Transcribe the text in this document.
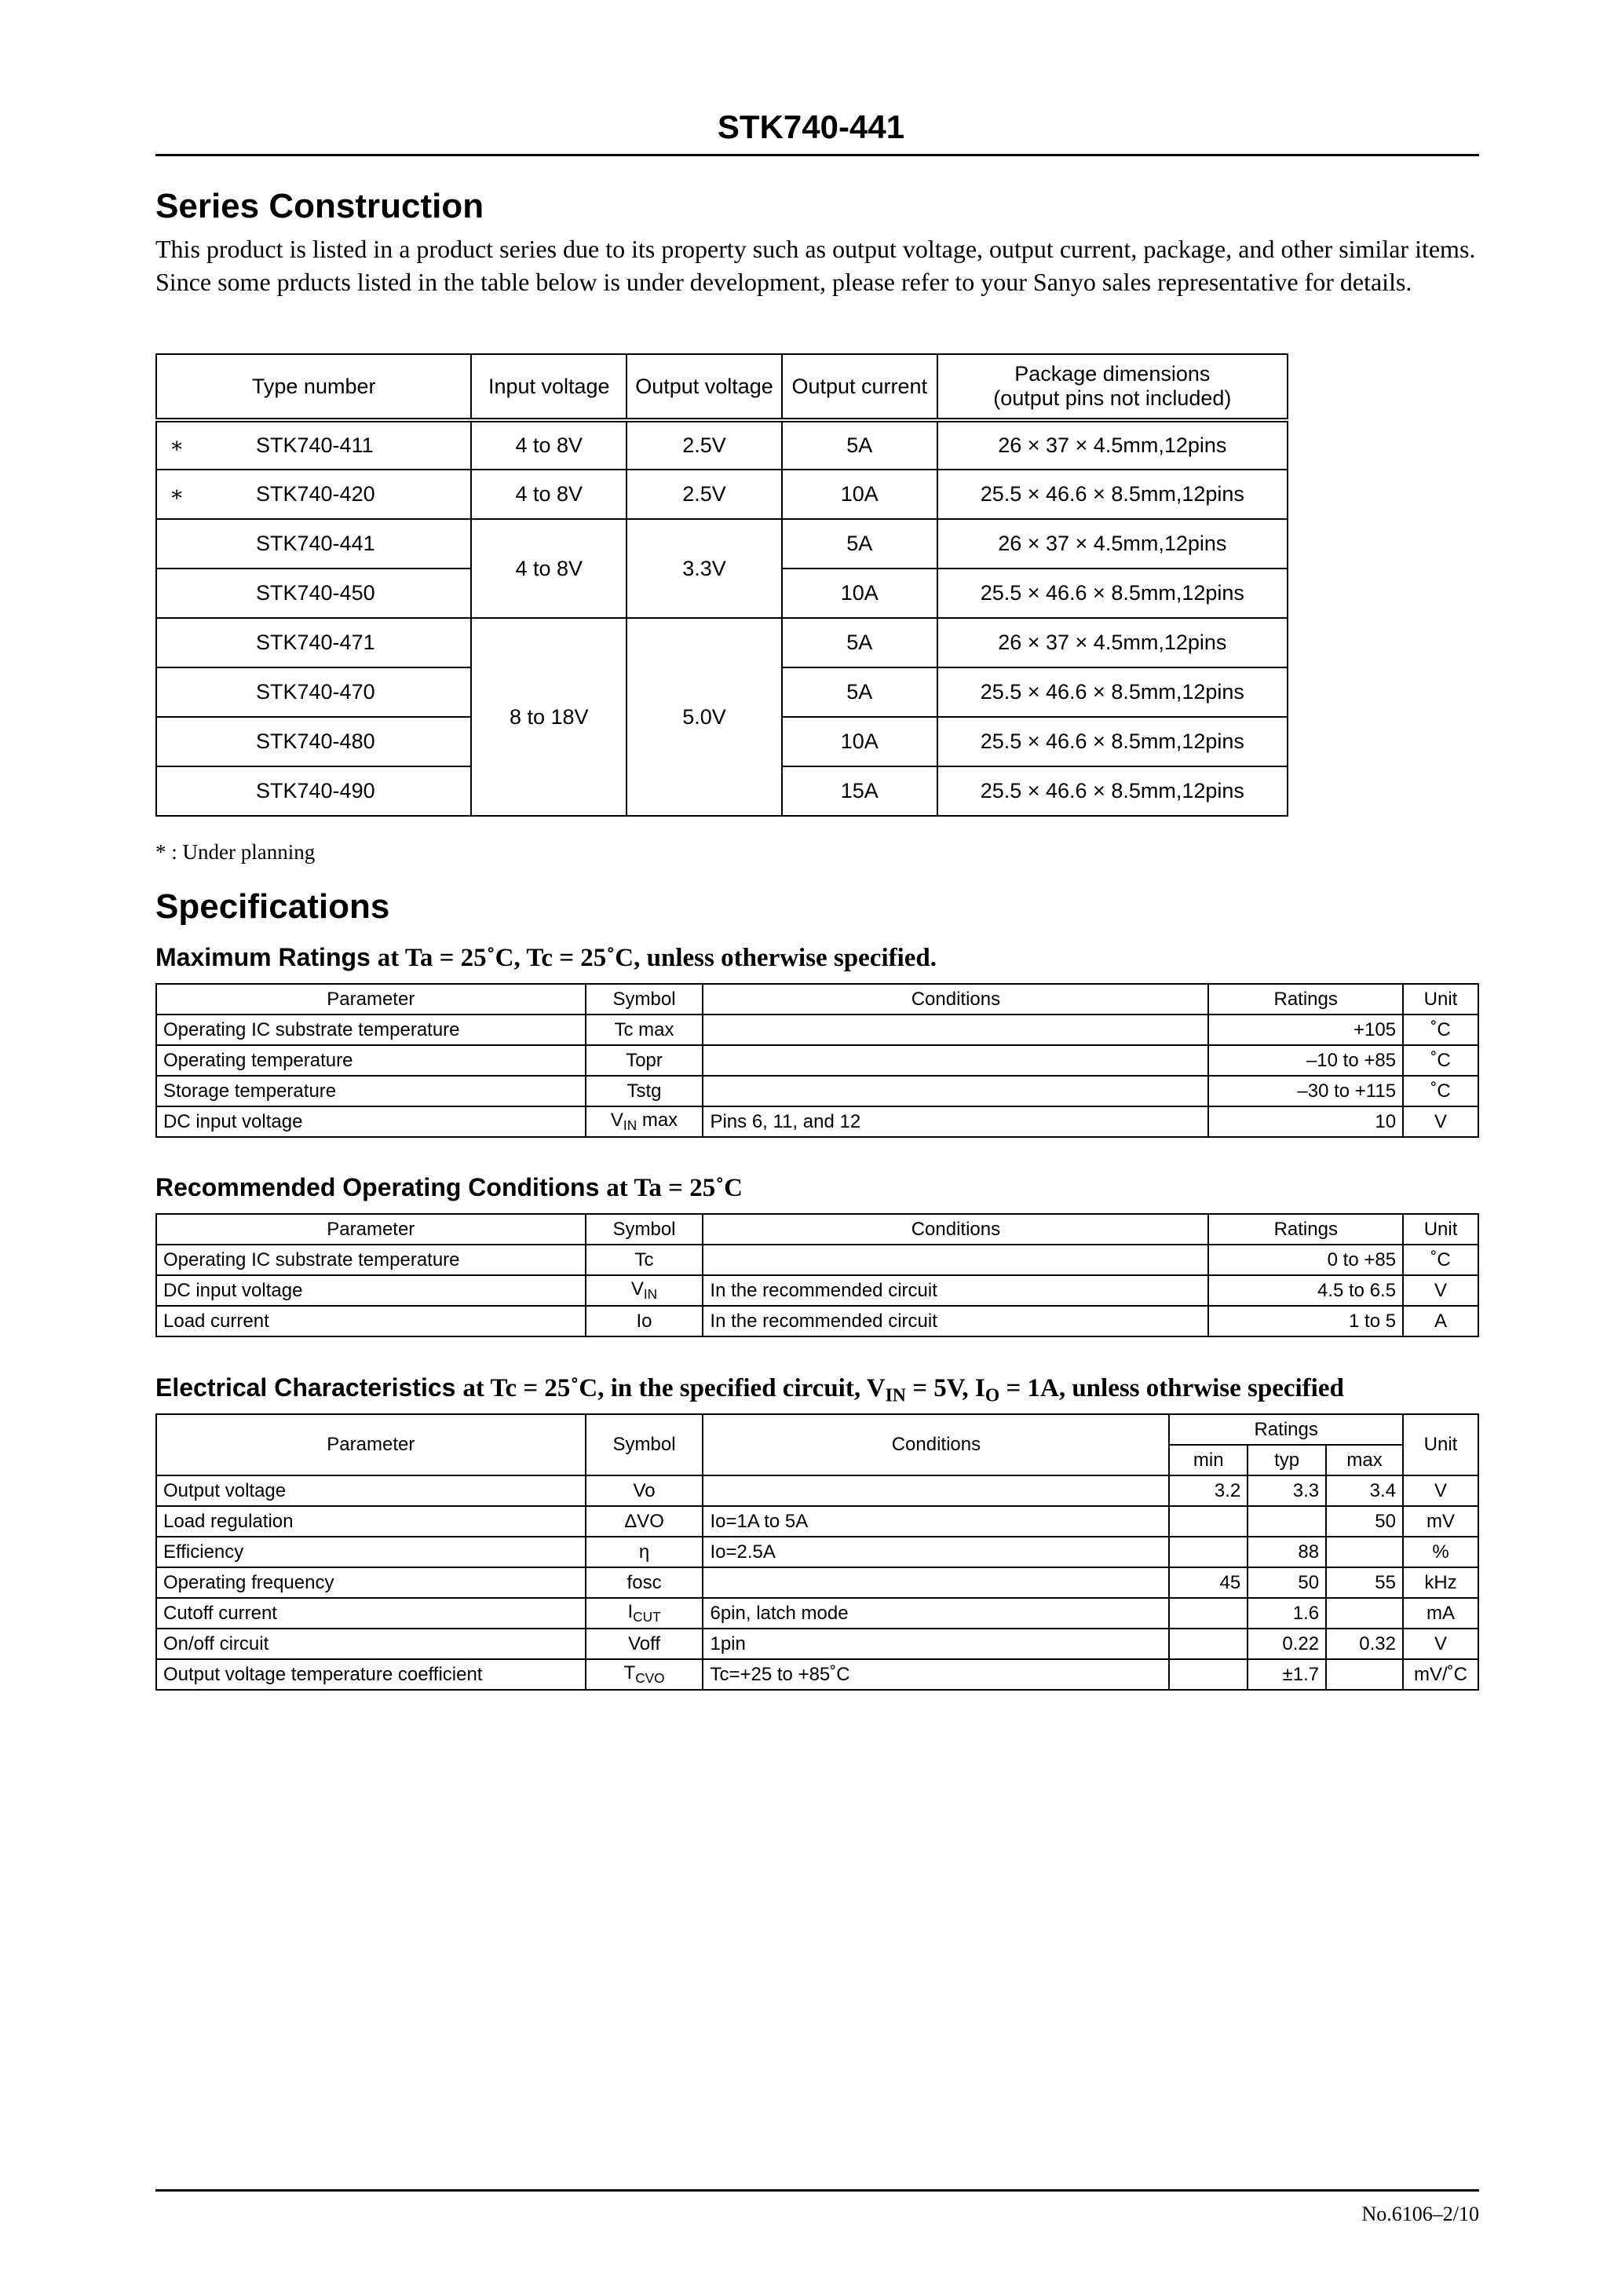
STK740-441
Series Construction
This product is listed in a product series due to its property such as output voltage, output current, package, and other similar items. Since some prducts listed in the table below is under development, please refer to your Sanyo sales representative for details.
Type number	Input voltage	Output voltage	Output current	Package dimensions
(output pins not included)

∗ STK740-411	4 to 8V	2.5V	5A	26 × 37 × 4.5mm,12pins
∗ STK740-420	4 to 8V	2.5V	10A	25.5 × 46.6 × 8.5mm,12pins
STK740-441	4 to 8V	3.3V	5A	26 × 37 × 4.5mm,12pins
STK740-450			10A	25.5 × 46.6 × 8.5mm,12pins
STK740-471	8 to 18V	5.0V	5A	26 × 37 × 4.5mm,12pins
STK740-470			5A	25.5 × 46.6 × 8.5mm,12pins
STK740-480			10A	25.5 × 46.6 × 8.5mm,12pins
STK740-490			15A	25.5 × 46.6 × 8.5mm,12pins
* : Under planning
Specifications
Maximum Ratings at Ta = 25˚C, Tc = 25˚C, unless otherwise specified.
Parameter	Symbol	Conditions	Ratings	Unit
Operating IC substrate temperature	Tc max		+105	˚C
Operating temperature	Topr		–10 to +85	˚C
Storage temperature	Tstg		–30 to +115	˚C
DC input voltage	$V_{IN}$ max	Pins 6, 11, and 12	10	V
Recommended Operating Conditions at Ta = 25˚C
Parameter	Symbol	Conditions	Ratings	Unit
Operating IC substrate temperature	Tc		0 to +85	˚C
DC input voltage	$V_{IN}$	In the recommended circuit	4.5 to 6.5	V
Load current	Io	In the recommended circuit	1 to 5	A
Electrical Characteristics at Tc = 25˚C, in the specified circuit, $V_{IN} = 5V$, $I_O = 1A$, unless othrwise specified
Parameter	Symbol	Conditions	Ratings			Unit
			min	typ	max	
Output voltage	Vo		3.2	3.3	3.4	V
Load regulation	ΔVO	Io=1A to 5A			50	mV
Efficiency	η	Io=2.5A		88		%
Operating frequency	fosc		45	50	55	kHz
Cutoff current	$I_{CUT}$	6pin, latch mode		1.6		mA
On/off circuit	Voff	1pin		0.22	0.32	V
Output voltage temperature coefficient	$T_{CVO}$	Tc=+25 to +85˚C		±1.7		mV/˚C
No.6106–2/10
